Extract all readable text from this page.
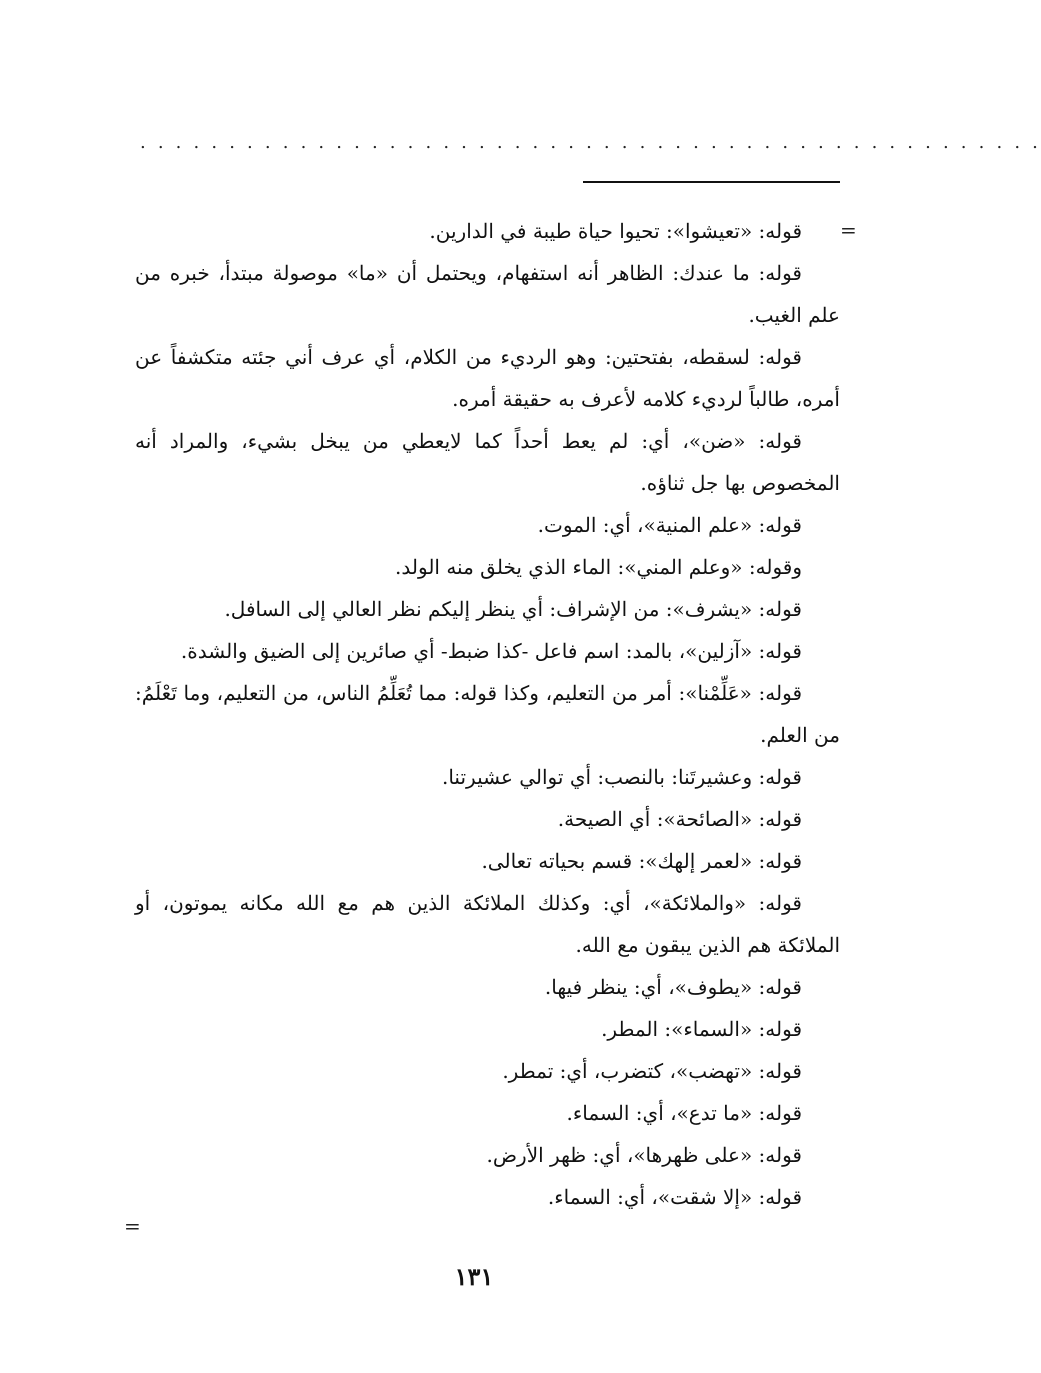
. . . . . . . . . . . . . . . . . . . . . . . . . . . . . . . . . . . . . . . . . . . . . . . . . . .
=

قوله: «تعيشوا»: تحيوا حياة طيبة في الدارين.

قوله: ما عندك: الظاهر أنه استفهام، ويحتمل أن «ما» موصولة مبتدأ، خبره من علم الغيب.

قوله: لسقطه، بفتحتين: وهو الرديء من الكلام، أي عرف أني جئته متكشفاً عن أمره، طالباً لرديء كلامه لأعرف به حقيقة أمره.

قوله: «ضن»، أي: لم يعط أحداً كما لايعطي من يبخل بشيء، والمراد أنه المخصوص بها جل ثناؤه.

قوله: «علم المنية»، أي: الموت.

وقوله: «وعلم المني»: الماء الذي يخلق منه الولد.

قوله: «يشرف»: من الإشراف: أي ينظر إليكم نظر العالي إلى السافل.

قوله: «آزلين»، بالمد: اسم فاعل -كذا ضبط- أي صائرين إلى الضيق والشدة.

قوله: «عَلِّمْنا»: أمر من التعليم، وكذا قوله: مما تُعَلِّمُ الناس، من التعليم، وما تَعْلَمُ: من العلم.

قوله: وعشيرتَنا: بالنصب: أي توالي عشيرتنا.

قوله: «الصائحة»: أي الصيحة.

قوله: «لعمر إلهك»: قسم بحياته تعالى.

قوله: «والملائكة»، أي: وكذلك الملائكة الذين هم مع الله مكانه يموتون، أو الملائكة هم الذين يبقون مع الله.

قوله: «يطوف»، أي: ينظر فيها.

قوله: «السماء»: المطر.

قوله: «تهضب»، كتضرب، أي: تمطر.

قوله: «ما تدع»، أي: السماء.

قوله: «على ظهرها»، أي: ظهر الأرض.

قوله: «إلا شقت»، أي: السماء.

=
١٣١
